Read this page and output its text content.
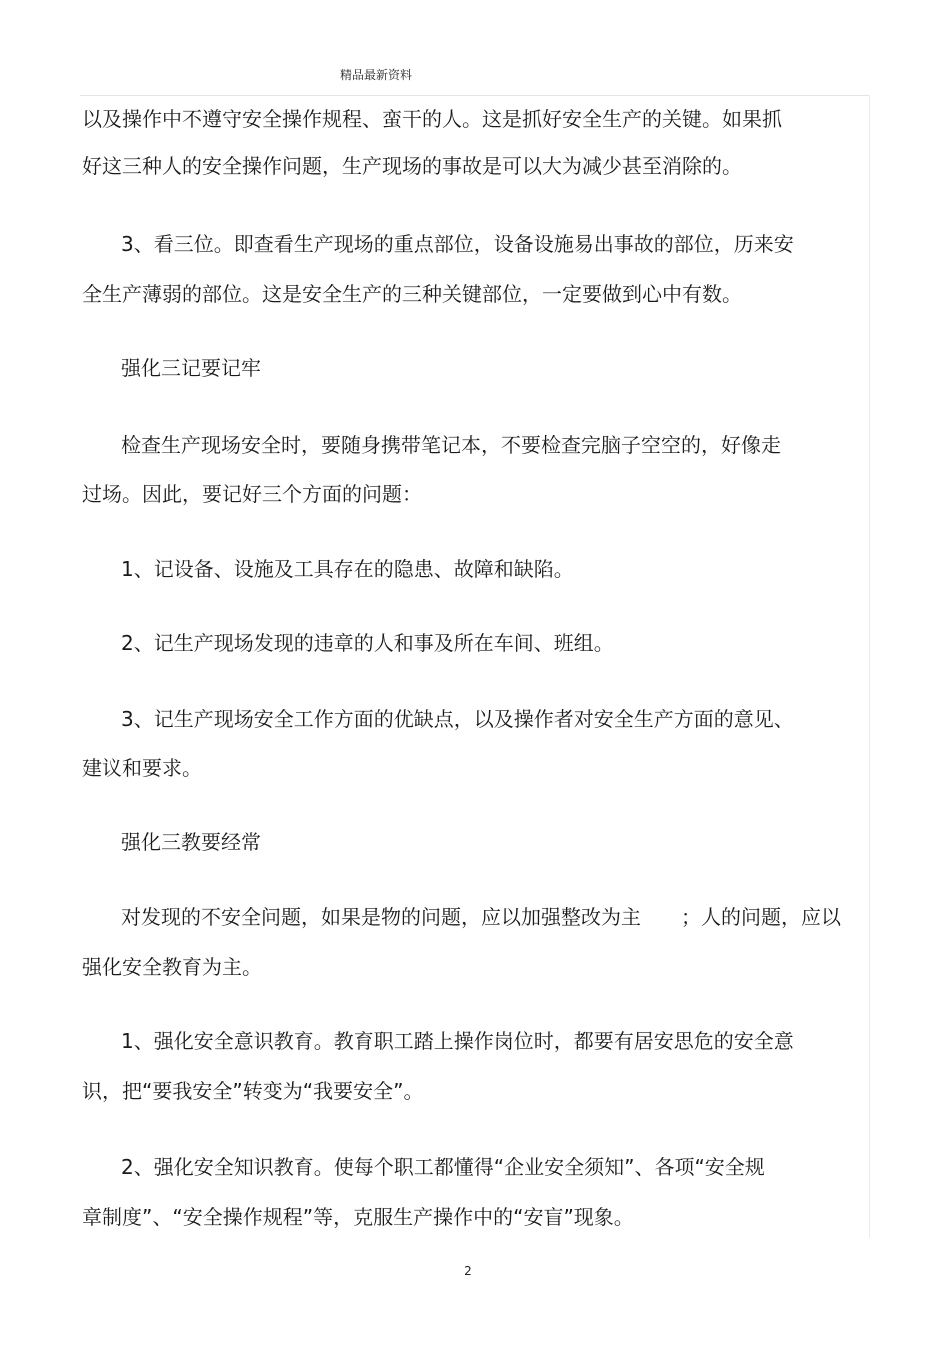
精品最新资料
以及操作中不遵守安全操作规程、蛮干的人。这是抓好安全生产的关键。如果抓
好这三种人的安全操作问题，生产现场的事故是可以大为减少甚至消除的。
3、看三位。即查看生产现场的重点部位，设备设施易出事故的部位，历来安
全生产薄弱的部位。这是安全生产的三种关键部位，一定要做到心中有数。
强化三记要记牢
检查生产现场安全时，要随身携带笔记本，不要检查完脑子空空的，好像走
过场。因此，要记好三个方面的问题：
1、记设备、设施及工具存在的隐患、故障和缺陷。
2、记生产现场发现的违章的人和事及所在车间、班组。
3、记生产现场安全工作方面的优缺点，以及操作者对安全生产方面的意见、
建议和要求。
强化三教要经常
对发现的不安全问题，如果是物的问题，应以加强整改为主　　；人的问题，应以
强化安全教育为主。
1、强化安全意识教育。教育职工踏上操作岗位时，都要有居安思危的安全意
识，把“要我安全”转变为“我要安全”。
2、强化安全知识教育。使每个职工都懂得“企业安全须知”、各项“安全规
章制度”、“安全操作规程”等，克服生产操作中的“安盲”现象。
2
